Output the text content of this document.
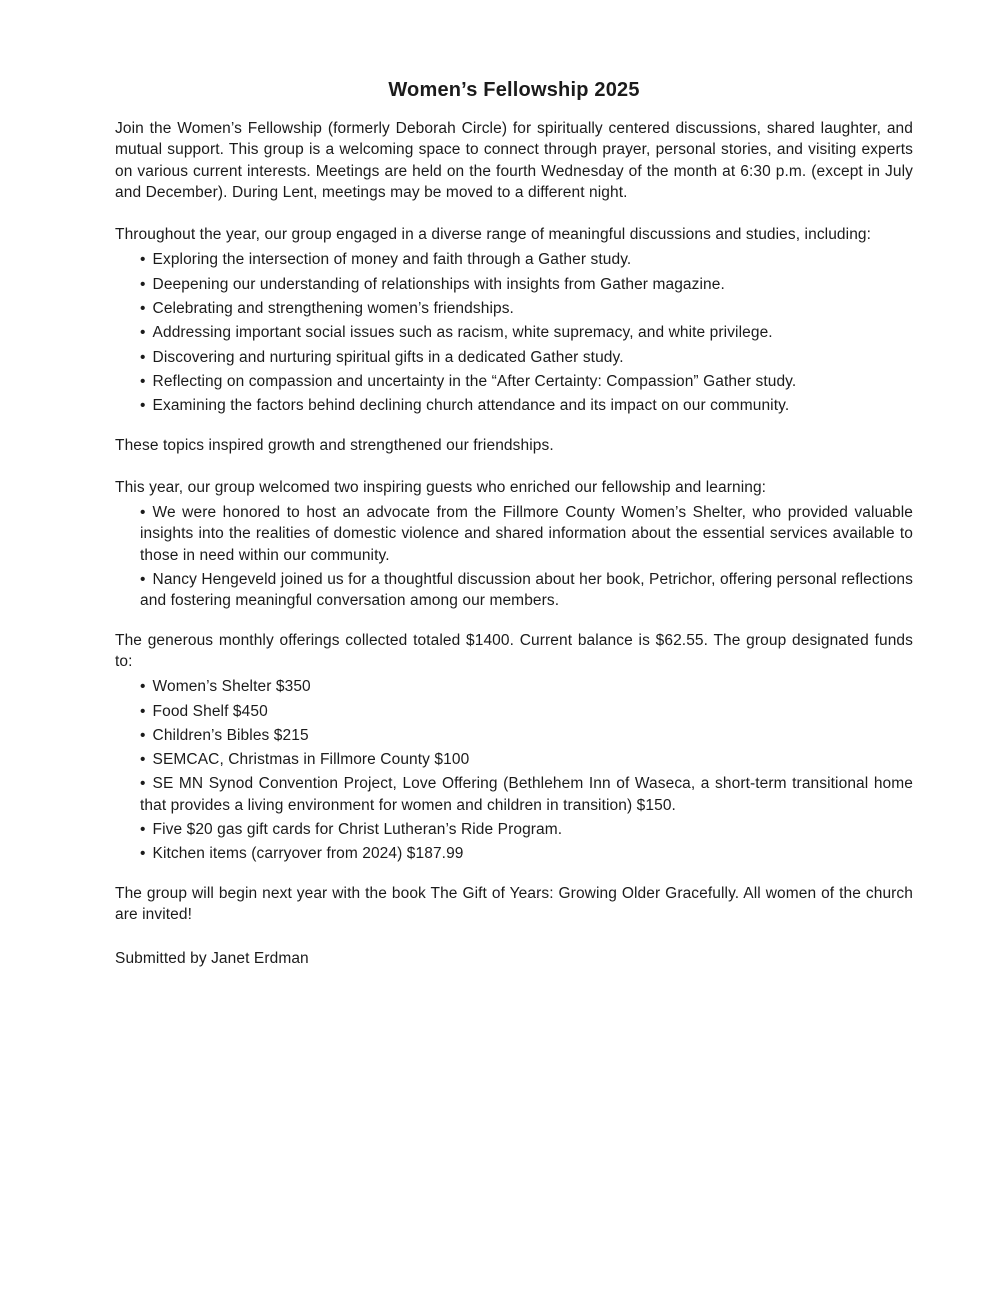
Women’s Fellowship 2025

Join the Women’s Fellowship (formerly Deborah Circle) for spiritually centered discussions, shared laughter, and mutual support. This group is a welcoming space to connect through prayer, personal stories, and visiting experts on various current interests. Meetings are held on the fourth Wednesday of the month at 6:30 p.m. (except in July and December). During Lent, meetings may be moved to a different night.

Throughout the year, our group engaged in a diverse range of meaningful discussions and studies, including:

• Exploring the intersection of money and faith through a Gather study.
• Deepening our understanding of relationships with insights from Gather magazine.
• Celebrating and strengthening women’s friendships.
• Addressing important social issues such as racism, white supremacy, and white privilege.
• Discovering and nurturing spiritual gifts in a dedicated Gather study.
• Reflecting on compassion and uncertainty in the “After Certainty: Compassion” Gather study.
• Examining the factors behind declining church attendance and its impact on our community.

These topics inspired growth and strengthened our friendships.

This year, our group welcomed two inspiring guests who enriched our fellowship and learning:

• We were honored to host an advocate from the Fillmore County Women’s Shelter, who provided valuable insights into the realities of domestic violence and shared information about the essential services available to those in need within our community.
• Nancy Hengeveld joined us for a thoughtful discussion about her book, Petrichor, offering personal reflections and fostering meaningful conversation among our members.

The generous monthly offerings collected totaled $1400. Current balance is $62.55. The group designated funds to:

• Women’s Shelter $350
• Food Shelf $450
• Children’s Bibles $215
• SEMCAC, Christmas in Fillmore County $100
• SE MN Synod Convention Project, Love Offering (Bethlehem Inn of Waseca, a short-term transitional home that provides a living environment for women and children in transition) $150.
• Five $20 gas gift cards for Christ Lutheran’s Ride Program.
• Kitchen items (carryover from 2024) $187.99

The group will begin next year with the book The Gift of Years: Growing Older Gracefully. All women of the church are invited!

Submitted by Janet Erdman
